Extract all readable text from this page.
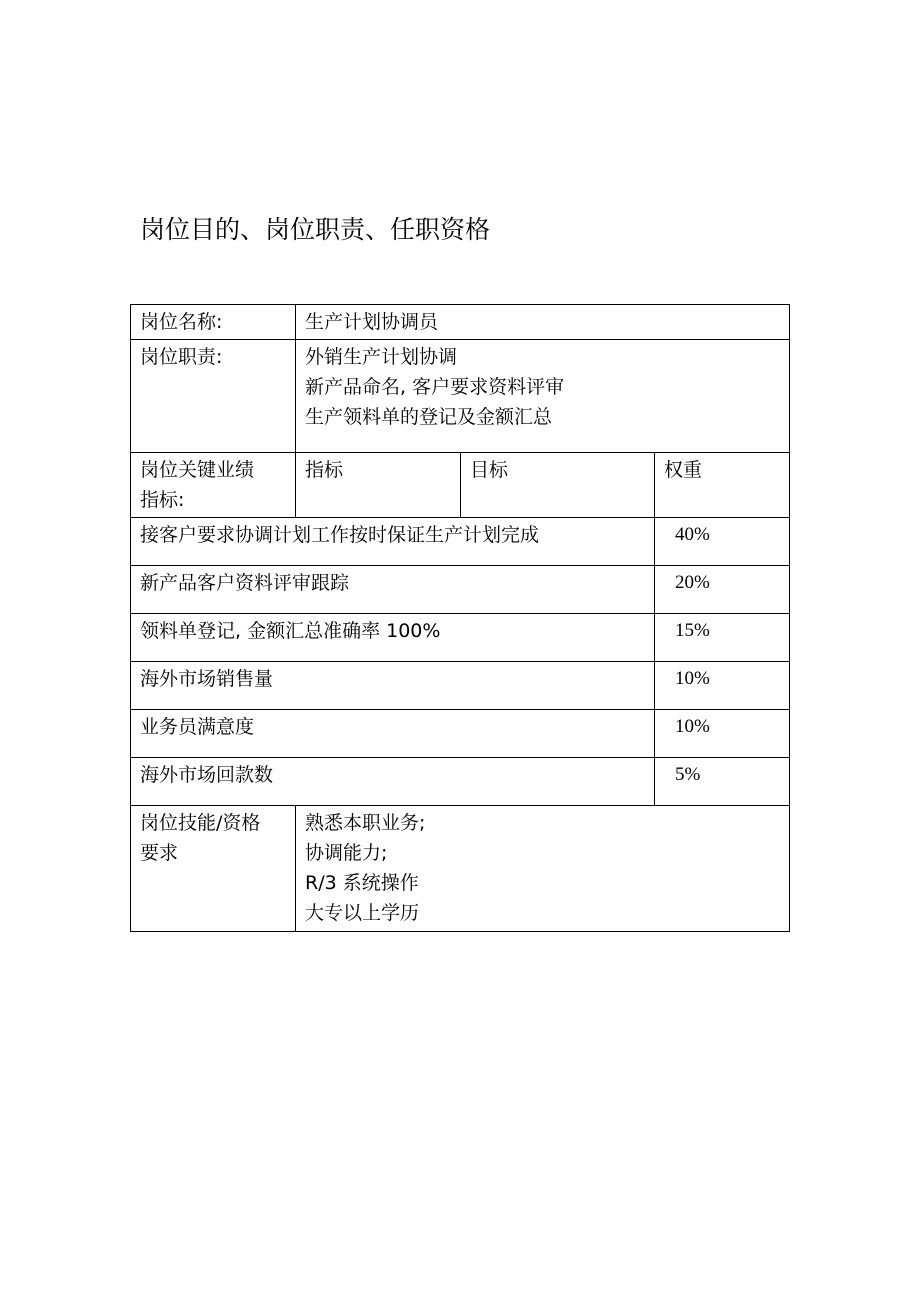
岗位目的、岗位职责、任职资格
岗位名称:	生产计划协调员		
岗位职责:	外销生产计划协调
新产品命名, 客户要求资料评审
生产领料单的登记及金额汇总		

岗位关键业绩
指标:	指标	目标	权重
接客户要求协调计划工作按时保证生产计划完成			40%
新产品客户资料评审跟踪			20%
领料单登记, 金额汇总准确率 100%			15%
海外市场销售量			10%
业务员满意度			10%
海外市场回款数			5%

岗位技能/资格
要求	熟悉本职业务;
协调能力;
R/3 系统操作
大专以上学历		
